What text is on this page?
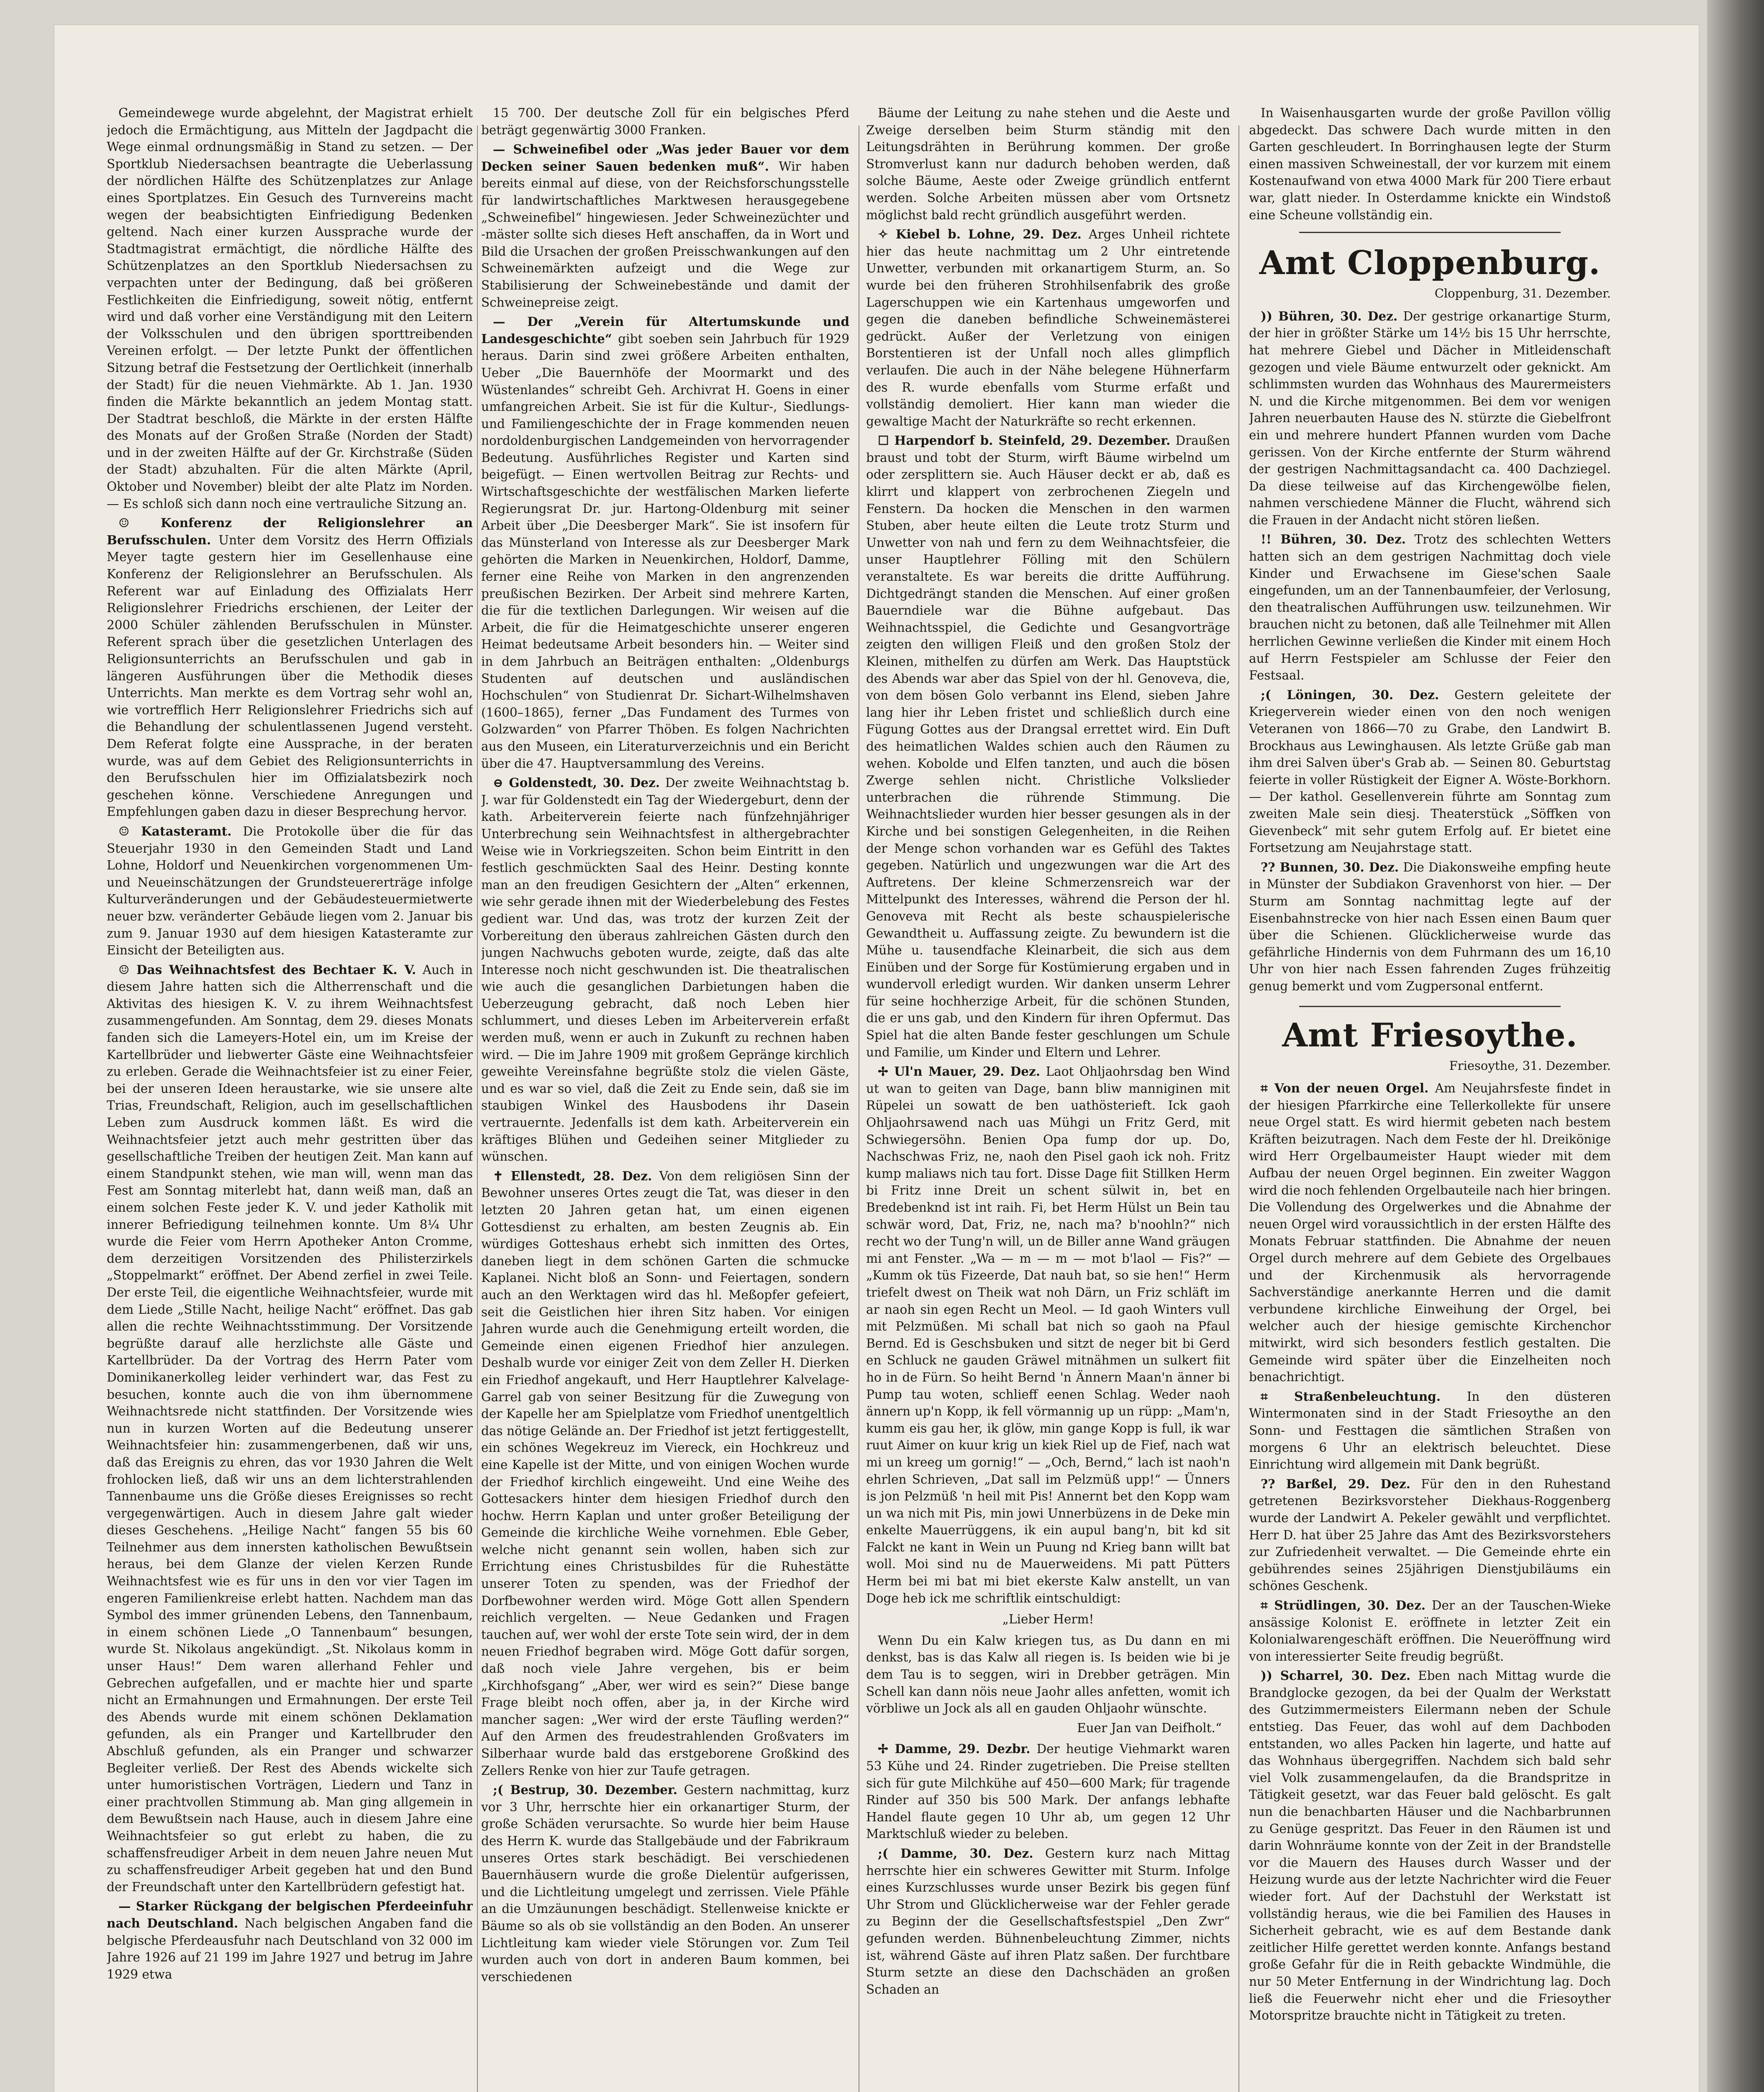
Gemeindewege wurde abgelehnt, der Magistrat erhielt jedoch die Ermächtigung, aus Mitteln der Jagdpacht die Wege einmal ordnungsmäßig in Stand zu setzen. — Der Sportklub Niedersachsen beantragte die Ueberlassung der nördlichen Hälfte des Schützenplatzes zur Anlage eines Sportplatzes. Ein Gesuch des Turnvereins macht wegen der beabsichtigten Einfriedigung Bedenken geltend. Nach einer kurzen Aussprache wurde der Stadtmagistrat ermächtigt, die nördliche Hälfte des Schützenplatzes an den Sportklub Niedersachsen zu verpachten unter der Bedingung, daß bei größeren Festlichkeiten die Einfriedigung, soweit nötig, entfernt wird und daß vorher eine Verständigung mit den Leitern der Volksschulen und den übrigen sporttreibenden Vereinen erfolgt. — Der letzte Punkt der öffentlichen Sitzung betraf die Festsetzung der Oertlichkeit (innerhalb der Stadt) für die neuen Viehmärkte. Ab 1. Jan. 1930 finden die Märkte bekanntlich an jedem Montag statt. Der Stadtrat beschloß, die Märkte in der ersten Hälfte des Monats auf der Großen Straße (Norden der Stadt) und in der zweiten Hälfte auf der Gr. Kirchstraße (Süden der Stadt) abzuhalten. Für die alten Märkte (April, Oktober und November) bleibt der alte Platz im Norden. — Es schloß sich dann noch eine vertrauliche Sitzung an.

☺ Konferenz der Religionslehrer an Berufsschulen. Unter dem Vorsitz des Herrn Offizials Meyer tagte gestern hier im Gesellenhause eine Konferenz der Religionslehrer an Berufsschulen. Als Referent war auf Einladung des Offizialats Herr Religionslehrer Friedrichs erschienen, der Leiter der 2000 Schüler zählenden Berufsschulen in Münster. Referent sprach über die gesetzlichen Unterlagen des Religionsunterrichts an Berufsschulen und gab in längeren Ausführungen über die Methodik dieses Unterrichts. Man merkte es dem Vortrag sehr wohl an, wie vortrefflich Herr Religionslehrer Friedrichs sich auf die Behandlung der schulentlassenen Jugend versteht. Dem Referat folgte eine Aussprache, in der beraten wurde, was auf dem Gebiet des Religionsunterrichts in den Berufsschulen hier im Offizialatsbezirk noch geschehen könne. Verschiedene Anregungen und Empfehlungen gaben dazu in dieser Besprechung hervor.

☺ Katasteramt. Die Protokolle über die für das Steuerjahr 1930 in den Gemeinden Stadt und Land Lohne, Holdorf und Neuenkirchen vorgenommenen Um- und Neueinschätzungen der Grundsteuererträge infolge Kulturveränderungen und der Gebäudesteuermietwerte neuer bzw. veränderter Gebäude liegen vom 2. Januar bis zum 9. Januar 1930 auf dem hiesigen Katasteramte zur Einsicht der Beteiligten aus.

☺ Das Weihnachtsfest des Bechtaer K. V. Auch in diesem Jahre hatten sich die Altherrenschaft und die Aktivitas des hiesigen K. V. zu ihrem Weihnachtsfest zusammengefunden. Am Sonntag, dem 29. dieses Monats fanden sich die Lameyers-Hotel ein, um im Kreise der Kartellbrüder und liebwerter Gäste eine Weihnachtsfeier zu erleben. Gerade die Weihnachtsfeier ist zu einer Feier, bei der unseren Ideen heraustarke, wie sie unsere alte Trias, Freundschaft, Religion, auch im gesellschaftlichen Leben zum Ausdruck kommen läßt. Es wird die Weihnachtsfeier jetzt auch mehr gestritten über das gesellschaftliche Treiben der heutigen Zeit. Man kann auf einem Standpunkt stehen, wie man will, wenn man das Fest am Sonntag miterlebt hat, dann weiß man, daß an einem solchen Feste jeder K. V. und jeder Katholik mit innerer Befriedigung teilnehmen konnte. Um 8¼ Uhr wurde die Feier vom Herrn Apotheker Anton Cromme, dem derzeitigen Vorsitzenden des Philisterzirkels „Stoppelmarkt“ eröffnet. Der Abend zerfiel in zwei Teile. Der erste Teil, die eigentliche Weihnachtsfeier, wurde mit dem Liede „Stille Nacht, heilige Nacht“ eröffnet. Das gab allen die rechte Weihnachtsstimmung. Der Vorsitzende begrüßte darauf alle herzlichste alle Gäste und Kartellbrüder. Da der Vortrag des Herrn Pater vom Dominikanerkolleg leider verhindert war, das Fest zu besuchen, konnte auch die von ihm übernommene Weihnachtsrede nicht stattfinden. Der Vorsitzende wies nun in kurzen Worten auf die Bedeutung unserer Weihnachtsfeier hin: zusammengerbenen, daß wir uns, daß das Ereignis zu ehren, das vor 1930 Jahren die Welt frohlocken ließ, daß wir uns an dem lichterstrahlenden Tannenbaume uns die Größe dieses Ereignisses so recht vergegenwärtigen. Auch in diesem Jahre galt wieder dieses Geschehens. „Heilige Nacht“ fangen 55 bis 60 Teilnehmer aus dem innersten katholischen Bewußtsein heraus, bei dem Glanze der vielen Kerzen Runde Weihnachtsfest wie es für uns in den vor vier Tagen im engeren Familienkreise erlebt hatten. Nachdem man das Symbol des immer grünenden Lebens, den Tannenbaum, in einem schönen Liede „O Tannenbaum“ besungen, wurde St. Nikolaus angekündigt. „St. Nikolaus komm in unser Haus!“ Dem waren allerhand Fehler und Gebrechen aufgefallen, und er machte hier und sparte nicht an Ermahnungen und Ermahnungen. Der erste Teil des Abends wurde mit einem schönen Deklamation gefunden, als ein Pranger und Kartellbruder den Abschluß gefunden, als ein Pranger und schwarzer Begleiter verließ. Der Rest des Abends wickelte sich unter humoristischen Vorträgen, Liedern und Tanz in einer prachtvollen Stimmung ab. Man ging allgemein in dem Bewußtsein nach Hause, auch in diesem Jahre eine Weihnachtsfeier so gut erlebt zu haben, die zu schaffensfreudiger Arbeit in dem neuen Jahre neuen Mut zu schaffensfreudiger Arbeit gegeben hat und den Bund der Freundschaft unter den Kartellbrüdern gefestigt hat.

— Starker Rückgang der belgischen Pferdeeinfuhr nach Deutschland. Nach belgischen Angaben fand die belgische Pferdeausfuhr nach Deutschland von 32 000 im Jahre 1926 auf 21 199 im Jahre 1927 und betrug im Jahre 1929 etwa

15 700. Der deutsche Zoll für ein belgisches Pferd beträgt gegenwärtig 3000 Franken.

— Schweinefibel oder „Was jeder Bauer vor dem Decken seiner Sauen bedenken muß“. Wir haben bereits einmal auf diese, von der Reichsforschungsstelle für landwirtschaftliches Marktwesen herausgegebene „Schweinefibel“ hingewiesen. Jeder Schweinezüchter und -mäster sollte sich dieses Heft anschaffen, da in Wort und Bild die Ursachen der großen Preisschwankungen auf den Schweinemärkten aufzeigt und die Wege zur Stabilisierung der Schweinebestände und damit der Schweinepreise zeigt.

— Der „Verein für Altertumskunde und Landesgeschichte“ gibt soeben sein Jahrbuch für 1929 heraus. Darin sind zwei größere Arbeiten enthalten, Ueber „Die Bauernhöfe der Moormarkt und des Wüstenlandes“ schreibt Geh. Archivrat H. Goens in einer umfangreichen Arbeit. Sie ist für die Kultur-, Siedlungs- und Familiengeschichte der in Frage kommenden neuen nordoldenburgischen Landgemeinden von hervorragender Bedeutung. Ausführliches Register und Karten sind beigefügt. — Einen wertvollen Beitrag zur Rechts- und Wirtschaftsgeschichte der westfälischen Marken lieferte Regierungsrat Dr. jur. Hartong-Oldenburg mit seiner Arbeit über „Die Deesberger Mark“. Sie ist insofern für das Münsterland von Interesse als zur Deesberger Mark gehörten die Marken in Neuenkirchen, Holdorf, Damme, ferner eine Reihe von Marken in den angrenzenden preußischen Bezirken. Der Arbeit sind mehrere Karten, die für die textlichen Darlegungen. Wir weisen auf die Arbeit, die für die Heimatgeschichte unserer engeren Heimat bedeutsame Arbeit besonders hin. — Weiter sind in dem Jahrbuch an Beiträgen enthalten: „Oldenburgs Studenten auf deutschen und ausländischen Hochschulen“ von Studienrat Dr. Sichart-Wilhelmshaven (1600–1865), ferner „Das Fundament des Turmes von Golzwarden“ von Pfarrer Thöben. Es folgen Nachrichten aus den Museen, ein Literaturverzeichnis und ein Bericht über die 47. Hauptversammlung des Vereins.

⊖ Goldenstedt, 30. Dez. Der zweite Weihnachtstag b. J. war für Goldenstedt ein Tag der Wiedergeburt, denn der kath. Arbeiterverein feierte nach fünfzehnjähriger Unterbrechung sein Weihnachtsfest in althergebrachter Weise wie in Vorkriegszeiten. Schon beim Eintritt in den festlich geschmückten Saal des Heinr. Desting konnte man an den freudigen Gesichtern der „Alten“ erkennen, wie sehr gerade ihnen mit der Wiederbelebung des Festes gedient war. Und das, was trotz der kurzen Zeit der Vorbereitung den überaus zahlreichen Gästen durch den jungen Nachwuchs geboten wurde, zeigte, daß das alte Interesse noch nicht geschwunden ist. Die theatralischen wie auch die gesanglichen Darbietungen haben die Ueberzeugung gebracht, daß noch Leben hier schlummert, und dieses Leben im Arbeiterverein erfaßt werden muß, wenn er auch in Zukunft zu rechnen haben wird. — Die im Jahre 1909 mit großem Gepränge kirchlich geweihte Vereinsfahne begrüßte stolz die vielen Gäste, und es war so viel, daß die Zeit zu Ende sein, daß sie im staubigen Winkel des Hausbodens ihr Dasein vertrauernte. Jedenfalls ist dem kath. Arbeiterverein ein kräftiges Blühen und Gedeihen seiner Mitglieder zu wünschen.

✝ Ellenstedt, 28. Dez. Von dem religiösen Sinn der Bewohner unseres Ortes zeugt die Tat, was dieser in den letzten 20 Jahren getan hat, um einen eigenen Gottesdienst zu erhalten, am besten Zeugnis ab. Ein würdiges Gotteshaus erhebt sich inmitten des Ortes, daneben liegt in dem schönen Garten die schmucke Kaplanei. Nicht bloß an Sonn- und Feiertagen, sondern auch an den Werktagen wird das hl. Meßopfer gefeiert, seit die Geistlichen hier ihren Sitz haben. Vor einigen Jahren wurde auch die Genehmigung erteilt worden, die Gemeinde einen eigenen Friedhof hier anzulegen. Deshalb wurde vor einiger Zeit von dem Zeller H. Dierken ein Friedhof angekauft, und Herr Hauptlehrer Kalvelage-Garrel gab von seiner Besitzung für die Zuwegung von der Kapelle her am Spielplatze vom Friedhof unentgeltlich das nötige Gelände an. Der Friedhof ist jetzt fertiggestellt, ein schönes Wegekreuz im Viereck, ein Hochkreuz und eine Kapelle ist der Mitte, und von einigen Wochen wurde der Friedhof kirchlich eingeweiht. Und eine Weihe des Gottesackers hinter dem hiesigen Friedhof durch den hochw. Herrn Kaplan und unter großer Beteiligung der Gemeinde die kirchliche Weihe vornehmen. Eble Geber, welche nicht genannt sein wollen, haben sich zur Errichtung eines Christusbildes für die Ruhestätte unserer Toten zu spenden, was der Friedhof der Dorfbewohner werden wird. Möge Gott allen Spendern reichlich vergelten. — Neue Gedanken und Fragen tauchen auf, wer wohl der erste Tote sein wird, der in dem neuen Friedhof begraben wird. Möge Gott dafür sorgen, daß noch viele Jahre vergehen, bis er beim „Kirchhofsgang“ „Aber, wer wird es sein?“ Diese bange Frage bleibt noch offen, aber ja, in der Kirche wird mancher sagen: „Wer wird der erste Täufling werden?“ Auf den Armen des freudestrahlenden Großvaters im Silberhaar wurde bald das erstgeborene Großkind des Zellers Renke von hier zur Taufe getragen.

;( Bestrup, 30. Dezember. Gestern nachmittag, kurz vor 3 Uhr, herrschte hier ein orkanartiger Sturm, der große Schäden verursachte. So wurde hier beim Hause des Herrn K. wurde das Stallgebäude und der Fabrikraum unseres Ortes stark beschädigt. Bei verschiedenen Bauernhäusern wurde die große Dielentür aufgerissen, und die Lichtleitung umgelegt und zerrissen. Viele Pfähle an die Umzäunungen beschädigt. Stellenweise knickte er Bäume so als ob sie vollständig an den Boden. An unserer Lichtleitung kam wieder viele Störungen vor. Zum Teil wurden auch von dort in anderen Baum kommen, bei verschiedenen

Bäume der Leitung zu nahe stehen und die Aeste und Zweige derselben beim Sturm ständig mit den Leitungsdrähten in Berührung kommen. Der große Stromverlust kann nur dadurch behoben werden, daß solche Bäume, Aeste oder Zweige gründlich entfernt werden. Solche Arbeiten müssen aber vom Ortsnetz möglichst bald recht gründlich ausgeführt werden.

✧ Kiebel b. Lohne, 29. Dez. Arges Unheil richtete hier das heute nachmittag um 2 Uhr eintretende Unwetter, verbunden mit orkanartigem Sturm, an. So wurde bei den früheren Strohhilsenfabrik des große Lagerschuppen wie ein Kartenhaus umgeworfen und gegen die daneben befindliche Schweinemästerei gedrückt. Außer der Verletzung von einigen Borstentieren ist der Unfall noch alles glimpflich verlaufen. Die auch in der Nähe belegene Hühnerfarm des R. wurde ebenfalls vom Sturme erfaßt und vollständig demoliert. Hier kann man wieder die gewaltige Macht der Naturkräfte so recht erkennen.

☐ Harpendorf b. Steinfeld, 29. Dezember. Draußen braust und tobt der Sturm, wirft Bäume wirbelnd um oder zersplittern sie. Auch Häuser deckt er ab, daß es klirrt und klappert von zerbrochenen Ziegeln und Fenstern. Da hocken die Menschen in den warmen Stuben, aber heute eilten die Leute trotz Sturm und Unwetter von nah und fern zu dem Weihnachtsfeier, die unser Hauptlehrer Fölling mit den Schülern veranstaltete. Es war bereits die dritte Aufführung. Dichtgedrängt standen die Menschen. Auf einer großen Bauerndiele war die Bühne aufgebaut. Das Weihnachtsspiel, die Gedichte und Gesangvorträge zeigten den willigen Fleiß und den großen Stolz der Kleinen, mithelfen zu dürfen am Werk. Das Hauptstück des Abends war aber das Spiel von der hl. Genoveva, die, von dem bösen Golo verbannt ins Elend, sieben Jahre lang hier ihr Leben fristet und schließlich durch eine Fügung Gottes aus der Drangsal errettet wird. Ein Duft des heimatlichen Waldes schien auch den Räumen zu wehen. Kobolde und Elfen tanzten, und auch die bösen Zwerge sehlen nicht. Christliche Volkslieder unterbrachen die rührende Stimmung. Die Weihnachtslieder wurden hier besser gesungen als in der Kirche und bei sonstigen Gelegenheiten, in die Reihen der Menge schon vorhanden war es Gefühl des Taktes gegeben. Natürlich und ungezwungen war die Art des Auftretens. Der kleine Schmerzensreich war der Mittelpunkt des Interesses, während die Person der hl. Genoveva mit Recht als beste schauspielerische Gewandtheit u. Auffassung zeigte. Zu bewundern ist die Mühe u. tausendfache Kleinarbeit, die sich aus dem Einüben und der Sorge für Kostümierung ergaben und in wundervoll erledigt wurden. Wir danken unserm Lehrer für seine hochherzige Arbeit, für die schönen Stunden, die er uns gab, und den Kindern für ihren Opfermut. Das Spiel hat die alten Bande fester geschlungen um Schule und Familie, um Kinder und Eltern und Lehrer.

✢ Ul'n Mauer, 29. Dez. Laot Ohljaohrsdag ben Wind ut wan to geiten van Dage, bann bliw manniginen mit Rüpelei un sowatt de ben uathösterieft. Ick gaoh Ohljaohrsawend nach uas Mühgi un Fritz Gerd, mit Schwiegersöhn. Benien Opa fump dor up. Do, Nachschwas Friz, ne, naoh den Pisel gaoh ick noh. Fritz kump maliaws nich tau fort. Disse Dage fiit Stillken Herm bi Fritz inne Dreit un schent sülwit in, bet en Bredebenknd ist int raih. Fi, bet Herm Hülst un Bein tau schwär word, Dat, Friz, ne, nach ma? b'noohln?“ nich recht wo der Tung'n will, un de Biller anne Wand gräugen mi ant Fenster. „Wa — m — m — mot b'laol — Fis?“ — „Kumm ok tüs Fizeerde, Dat nauh bat, so sie hen!“ Herm triefelt dwest on Theik wat noh Därn, un Friz schläft im ar naoh sin egen Recht un Meol. — Id gaoh Winters vull mit Pelzmüßen. Mi schall bat nich so gaoh na Pfaul Bernd. Ed is Geschsbuken und sitzt de neger bit bi Gerd en Schluck ne gauden Gräwel mitnähmen un sulkert fiit ho in de Fürn. So heiht Bernd 'n Ännern Maan'n änner bi Pump tau woten, schlieff eenen Schlag. Weder naoh ännern up'n Kopp, ik fell vörmannig up un rüpp: „Mam'n, kumm eis gau her, ik glöw, min gange Kopp is full, ik war ruut Aimer on kuur krig un kiek Riel up de Fief, nach wat mi un kreeg um gornig!“ — „Och, Bernd,“ lach ist naoh'n ehrlen Schrieven, „Dat sall im Pelzmüß upp!“ — Ünners is jon Pelzmüß 'n heil mit Pis! Annernt bet den Kopp wam un wa nich mit Pis, min jowi Unnerbüzens in de Deke min enkelte Mauerrüggens, ik ein aupul bang'n, bit kd sit Falckt ne kant in Wein un Puung nd Krieg bann willt bat woll. Moi sind nu de Mauerweidens. Mi patt Pütters Herm bei mi bat mi biet ekerste Kalw anstellt, un van Doge heb ick me schriftlik eintschuldigt:

„Lieber Herm!

Wenn Du ein Kalw kriegen tus, as Du dann en mi denkst, bas is das Kalw all riegen is. Is beiden wie bi je dem Tau is to seggen, wiri in Drebber geträgen. Min Schell kan dann nöis neue Jaohr alles anfetten, womit ich vörbliwe un Jock als all en gauden Ohljaohr wünschte.

Euer Jan van Deifholt.“

✢ Damme, 29. Dezbr. Der heutige Viehmarkt waren 53 Kühe und 24. Rinder zugetrieben. Die Preise stellten sich für gute Milchkühe auf 450—600 Mark; für tragende Rinder auf 350 bis 500 Mark. Der anfangs lebhafte Handel flaute gegen 10 Uhr ab, um gegen 12 Uhr Marktschluß wieder zu beleben.

;( Damme, 30. Dez. Gestern kurz nach Mittag herrschte hier ein schweres Gewitter mit Sturm. Infolge eines Kurzschlusses wurde unser Bezirk bis gegen fünf Uhr Strom und Glücklicherweise war der Fehler gerade zu Beginn der die Gesellschaftsfestspiel „Den Zwr“ gefunden werden. Bühnenbeleuchtung Zimmer, nichts ist, während Gäste auf ihren Platz saßen. Der furchtbare Sturm setzte an diese den Dachschäden an großen Schaden an

In Waisenhausgarten wurde der große Pavillon völlig abgedeckt. Das schwere Dach wurde mitten in den Garten geschleudert. In Borringhausen legte der Sturm einen massiven Schweinestall, der vor kurzem mit einem Kostenaufwand von etwa 4000 Mark für 200 Tiere erbaut war, glatt nieder. In Osterdamme knickte ein Windstoß eine Scheune vollständig ein.

Amt Cloppenburg.
Cloppenburg, 31. Dezember.

)) Bühren, 30. Dez. Der gestrige orkanartige Sturm, der hier in größter Stärke um 14½ bis 15 Uhr herrschte, hat mehrere Giebel und Dächer in Mitleidenschaft gezogen und viele Bäume entwurzelt oder geknickt. Am schlimmsten wurden das Wohnhaus des Maurermeisters N. und die Kirche mitgenommen. Bei dem vor wenigen Jahren neuerbauten Hause des N. stürzte die Giebelfront ein und mehrere hundert Pfannen wurden vom Dache gerissen. Von der Kirche entfernte der Sturm während der gestrigen Nachmittagsandacht ca. 400 Dachziegel. Da diese teilweise auf das Kirchengewölbe fielen, nahmen verschiedene Männer die Flucht, während sich die Frauen in der Andacht nicht stören ließen.

!! Bühren, 30. Dez. Trotz des schlechten Wetters hatten sich an dem gestrigen Nachmittag doch viele Kinder und Erwachsene im Giese'schen Saale eingefunden, um an der Tannenbaumfeier, der Verlosung, den theatralischen Aufführungen usw. teilzunehmen. Wir brauchen nicht zu betonen, daß alle Teilnehmer mit Allen herrlichen Gewinne verließen die Kinder mit einem Hoch auf Herrn Festspieler am Schlusse der Feier den Festsaal.

;( Löningen, 30. Dez. Gestern geleitete der Kriegerverein wieder einen von den noch wenigen Veteranen von 1866—70 zu Grabe, den Landwirt B. Brockhaus aus Lewinghausen. Als letzte Grüße gab man ihm drei Salven über's Grab ab. — Seinen 80. Geburtstag feierte in voller Rüstigkeit der Eigner A. Wöste-Borkhorn. — Der kathol. Gesellenverein führte am Sonntag zum zweiten Male sein diesj. Theaterstück „Söffken von Gievenbeck“ mit sehr gutem Erfolg auf. Er bietet eine Fortsetzung am Neujahrstage statt.

?? Bunnen, 30. Dez. Die Diakonsweihe empfing heute in Münster der Subdiakon Gravenhorst von hier. — Der Sturm am Sonntag nachmittag legte auf der Eisenbahnstrecke von hier nach Essen einen Baum quer über die Schienen. Glücklicherweise wurde das gefährliche Hindernis von dem Fuhrmann des um 16,10 Uhr von hier nach Essen fahrenden Zuges frühzeitig genug bemerkt und vom Zugpersonal entfernt.

Amt Friesoythe.
Friesoythe, 31. Dezember.

⌗ Von der neuen Orgel. Am Neujahrsfeste findet in der hiesigen Pfarrkirche eine Tellerkollekte für unsere neue Orgel statt. Es wird hiermit gebeten nach bestem Kräften beizutragen. Nach dem Feste der hl. Dreikönige wird Herr Orgelbaumeister Haupt wieder mit dem Aufbau der neuen Orgel beginnen. Ein zweiter Waggon wird die noch fehlenden Orgelbauteile nach hier bringen. Die Vollendung des Orgelwerkes und die Abnahme der neuen Orgel wird voraussichtlich in der ersten Hälfte des Monats Februar stattfinden. Die Abnahme der neuen Orgel durch mehrere auf dem Gebiete des Orgelbaues und der Kirchenmusik als hervorragende Sachverständige anerkannte Herren und die damit verbundene kirchliche Einweihung der Orgel, bei welcher auch der hiesige gemischte Kirchenchor mitwirkt, wird sich besonders festlich gestalten. Die Gemeinde wird später über die Einzelheiten noch benachrichtigt.

⌗ Straßenbeleuchtung. In den düsteren Wintermonaten sind in der Stadt Friesoythe an den Sonn- und Festtagen die sämtlichen Straßen von morgens 6 Uhr an elektrisch beleuchtet. Diese Einrichtung wird allgemein mit Dank begrüßt.

?? Barßel, 29. Dez. Für den in den Ruhestand getretenen Bezirksvorsteher Diekhaus-Roggenberg wurde der Landwirt A. Pekeler gewählt und verpflichtet. Herr D. hat über 25 Jahre das Amt des Bezirksvorstehers zur Zufriedenheit verwaltet. — Die Gemeinde ehrte ein gebührendes seines 25jährigen Dienstjubiläums ein schönes Geschenk.

⌗ Strüdlingen, 30. Dez. Der an der Tauschen-Wieke ansässige Kolonist E. eröffnete in letzter Zeit ein Kolonialwarengeschäft eröffnen. Die Neueröffnung wird von interessierter Seite freudig begrüßt.

)) Scharrel, 30. Dez. Eben nach Mittag wurde die Brandglocke gezogen, da bei der Qualm der Werkstatt des Gutzimmermeisters Eilermann neben der Schule entstieg. Das Feuer, das wohl auf dem Dachboden entstanden, wo alles Packen hin lagerte, und hatte auf das Wohnhaus übergegriffen. Nachdem sich bald sehr viel Volk zusammengelaufen, da die Brandspritze in Tätigkeit gesetzt, war das Feuer bald gelöscht. Es galt nun die benachbarten Häuser und die Nachbarbrunnen zu Genüge gespritzt. Das Feuer in den Räumen ist und darin Wohnräume konnte von der Zeit in der Brandstelle vor die Mauern des Hauses durch Wasser und der Heizung wurde aus der letzte Nachrichter wird die Feuer wieder fort. Auf der Dachstuhl der Werkstatt ist vollständig heraus, wie die bei Familien des Hauses in Sicherheit gebracht, wie es auf dem Bestande dank zeitlicher Hilfe gerettet werden konnte. Anfangs bestand große Gefahr für die in Reith gebackte Windmühle, die nur 50 Meter Entfernung in der Windrichtung lag. Doch ließ die Feuerwehr nicht eher und die Friesoyther Motorspritze brauchte nicht in Tätigkeit zu treten.
